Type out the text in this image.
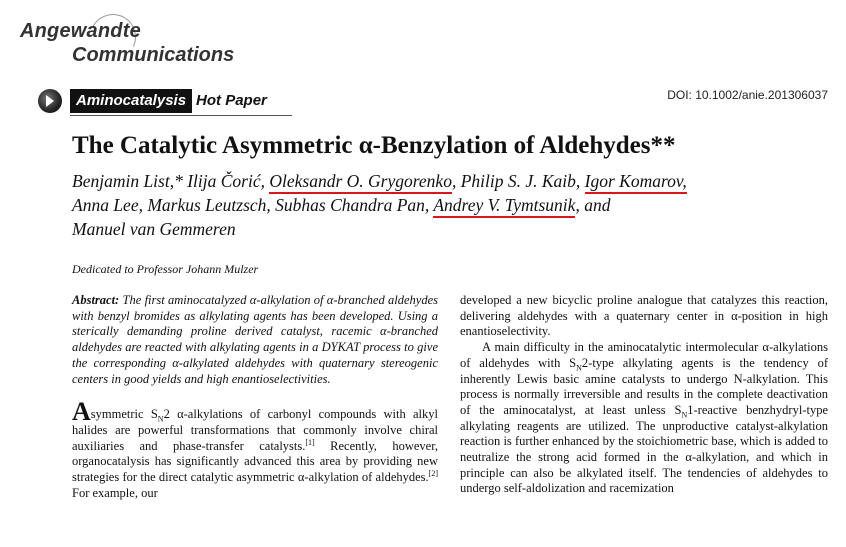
Angewandte
Communications
Aminocatalysis Hot Paper	DOI: 10.1002/anie.201306037
The Catalytic Asymmetric α-Benzylation of Aldehydes**
Benjamin List,* Ilija Čorić, Oleksandr O. Grygorenko, Philip S. J. Kaib, Igor Komarov,
Anna Lee, Markus Leutzsch, Subhas Chandra Pan, Andrey V. Tymtsunik, and
Manuel van Gemmeren
Dedicated to Professor Johann Mulzer

Abstract: The first aminocatalyzed α-alkylation of α-branched aldehydes with benzyl bromides as alkylating agents has been developed. Using a sterically demanding proline derived catalyst, racemic α-branched aldehydes are reacted with alkylating agents in a DYKAT process to give the corresponding α-alkylated aldehydes with quaternary stereogenic centers in good yields and high enantioselectivities.

Asymmetric $S_N2$ α-alkylations of carbonyl compounds with alkyl halides are powerful transformations that commonly involve chiral auxiliaries and phase-transfer catalysts.[1] Recently, however, organocatalysis has significantly advanced this area by providing new strategies for the direct catalytic asymmetric α-alkylation of aldehydes.[2] For example, our

developed a new bicyclic proline analogue that catalyzes this reaction, delivering aldehydes with a quaternary center in α-position in high enantioselectivity.

A main difficulty in the aminocatalytic intermolecular α-alkylations of aldehydes with $S_N2$-type alkylating agents is the tendency of inherently Lewis basic amine catalysts to undergo N-alkylation. This process is normally irreversible and results in the complete deactivation of the aminocatalyst, at least unless $S_N1$-reactive benzhydryl-type alkylating reagents are utilized. The unproductive catalyst-alkylation reaction is further enhanced by the stoichiometric base, which is added to neutralize the strong acid formed in the α-alkylation, and which in principle can also be alkylated itself. The tendencies of aldehydes to undergo self-aldolization and racemization
